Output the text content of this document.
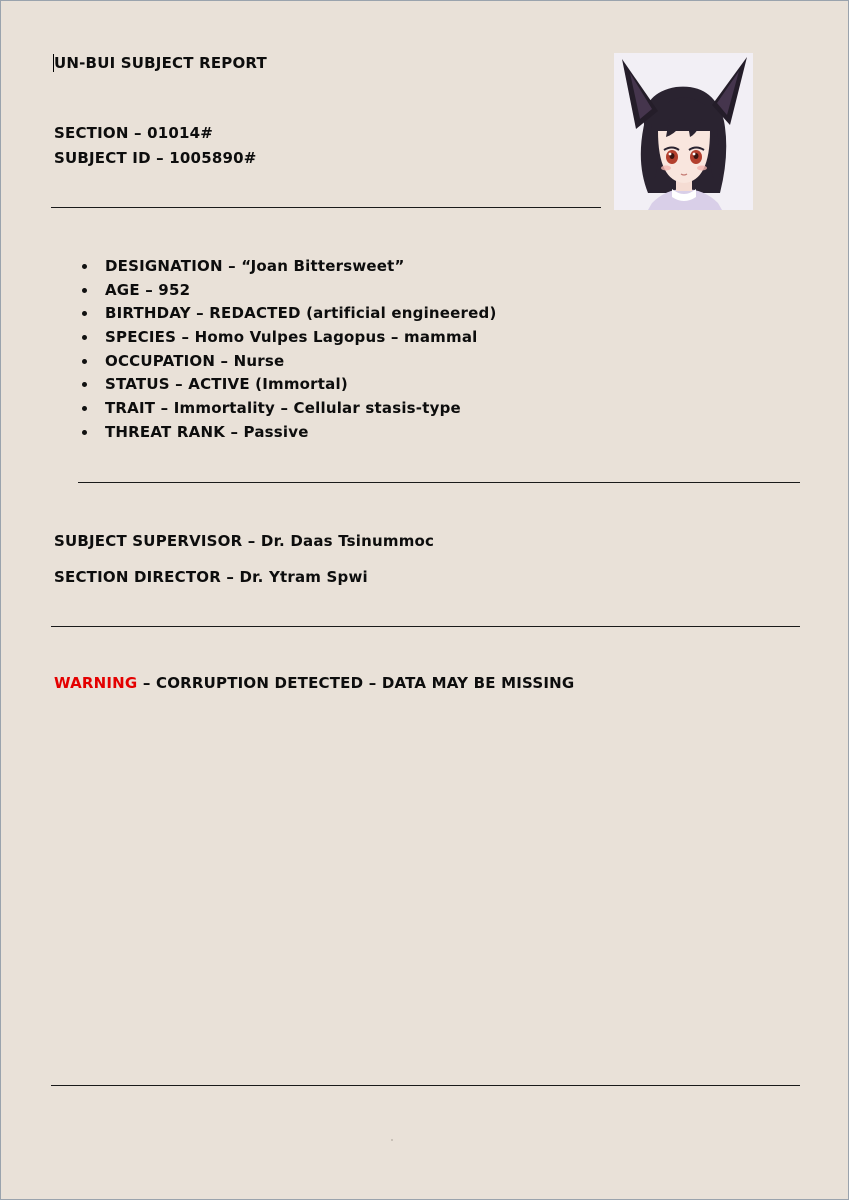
UN-BUI SUBJECT REPORT
SECTION – 01014#
SUBJECT ID – 1005890#
DESIGNATION – “Joan Bittersweet”
AGE – 952
BIRTHDAY – REDACTED (artificial engineered)
SPECIES – Homo Vulpes Lagopus – mammal
OCCUPATION – Nurse
STATUS – ACTIVE (Immortal)
TRAIT – Immortality – Cellular stasis-type
THREAT RANK – Passive
SUBJECT SUPERVISOR – Dr. Daas Tsinummoc
SECTION DIRECTOR – Dr. Ytram Spwi
WARNING – CORRUPTION DETECTED – DATA MAY BE MISSING
